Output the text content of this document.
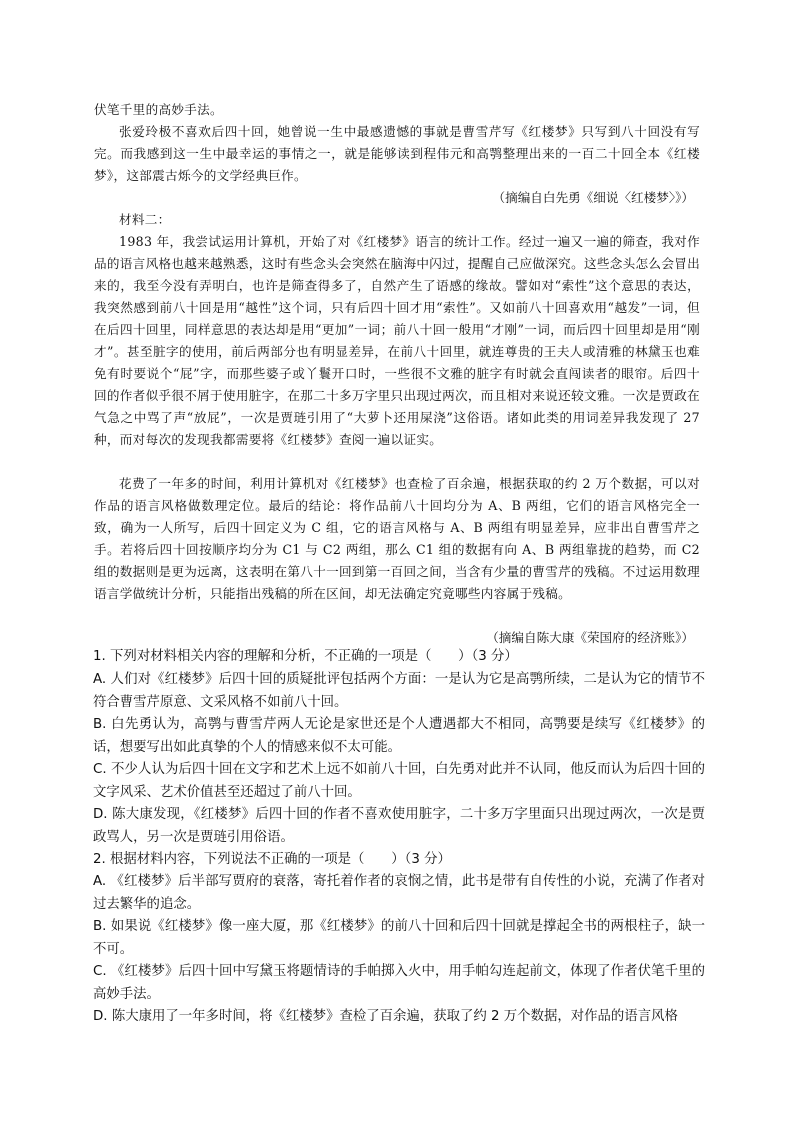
伏笔千里的高妙手法。

张爱玲极不喜欢后四十回，她曾说一生中最感遗憾的事就是曹雪芹写《红楼梦》只写到八十回没有写完。而我感到这一生中最幸运的事情之一，就是能够读到程伟元和高鹗整理出来的一百二十回全本《红楼梦》，这部震古烁今的文学经典巨作。

（摘编自白先勇《细说〈红楼梦〉》）

材料二：

1983 年，我尝试运用计算机，开始了对《红楼梦》语言的统计工作。经过一遍又一遍的筛查，我对作品的语言风格也越来越熟悉，这时有些念头会突然在脑海中闪过，提醒自己应做深究。这些念头怎么会冒出来的，我至今没有弄明白，也许是筛查得多了，自然产生了语感的缘故。譬如对“索性”这个意思的表达，我突然感到前八十回是用“越性”这个词，只有后四十回才用“索性”。又如前八十回喜欢用“越发”一词，但在后四十回里，同样意思的表达却是用“更加”一词；前八十回一般用“才刚”一词，而后四十回里却是用“刚才”。甚至脏字的使用，前后两部分也有明显差异，在前八十回里，就连尊贵的王夫人或清雅的林黛玉也难免有时要说个“屁”字，而那些婆子或丫鬟开口时，一些很不文雅的脏字有时就会直闯读者的眼帘。后四十回的作者似乎很不屑于使用脏字，在那二十多万字里只出现过两次，而且相对来说还较文雅。一次是贾政在气急之中骂了声“放屁”，一次是贾琏引用了“大萝卜还用屎浇”这俗语。诸如此类的用词差异我发现了 27 种，而对每次的发现我都需要将《红楼梦》查阅一遍以证实。

花费了一年多的时间，利用计算机对《红楼梦》也查检了百余遍，根据获取的约 2 万个数据，可以对作品的语言风格做数理定位。最后的结论：将作品前八十回均分为 A、B 两组，它们的语言风格完全一致，确为一人所写，后四十回定义为 C 组，它的语言风格与 A、B 两组有明显差异，应非出自曹雪芹之手。若将后四十回按顺序均分为 C1 与 C2 两组，那么 C1 组的数据有向 A、B 两组靠拢的趋势，而 C2 组的数据则是更为远离，这表明在第八十一回到第一百回之间，当含有少量的曹雪芹的残稿。不过运用数理语言学做统计分析，只能指出残稿的所在区间，却无法确定究竟哪些内容属于残稿。

（摘编自陈大康《荣国府的经济账》）

1. 下列对材料相关内容的理解和分析，不正确的一项是（　　）（3 分）

A. 人们对《红楼梦》后四十回的质疑批评包括两个方面：一是认为它是高鹗所续，二是认为它的情节不符合曹雪芹原意、文采风格不如前八十回。

B. 白先勇认为，高鹗与曹雪芹两人无论是家世还是个人遭遇都大不相同，高鹗要是续写《红楼梦》的话，想要写出如此真挚的个人的情感来似不太可能。

C. 不少人认为后四十回在文字和艺术上远不如前八十回，白先勇对此并不认同，他反而认为后四十回的文字风采、艺术价值甚至还超过了前八十回。

D. 陈大康发现，《红楼梦》后四十回的作者不喜欢使用脏字，二十多万字里面只出现过两次，一次是贾政骂人，另一次是贾琏引用俗语。

2. 根据材料内容，下列说法不正确的一项是（　　）（3 分）

A. 《红楼梦》后半部写贾府的衰落，寄托着作者的哀悯之情，此书是带有自传性的小说，充满了作者对过去繁华的追念。

B. 如果说《红楼梦》像一座大厦，那《红楼梦》的前八十回和后四十回就是撑起全书的两根柱子，缺一不可。

C. 《红楼梦》后四十回中写黛玉将题情诗的手帕掷入火中，用手帕勾连起前文，体现了作者伏笔千里的高妙手法。

D. 陈大康用了一年多时间，将《红楼梦》查检了百余遍，获取了约 2 万个数据，对作品的语言风格
